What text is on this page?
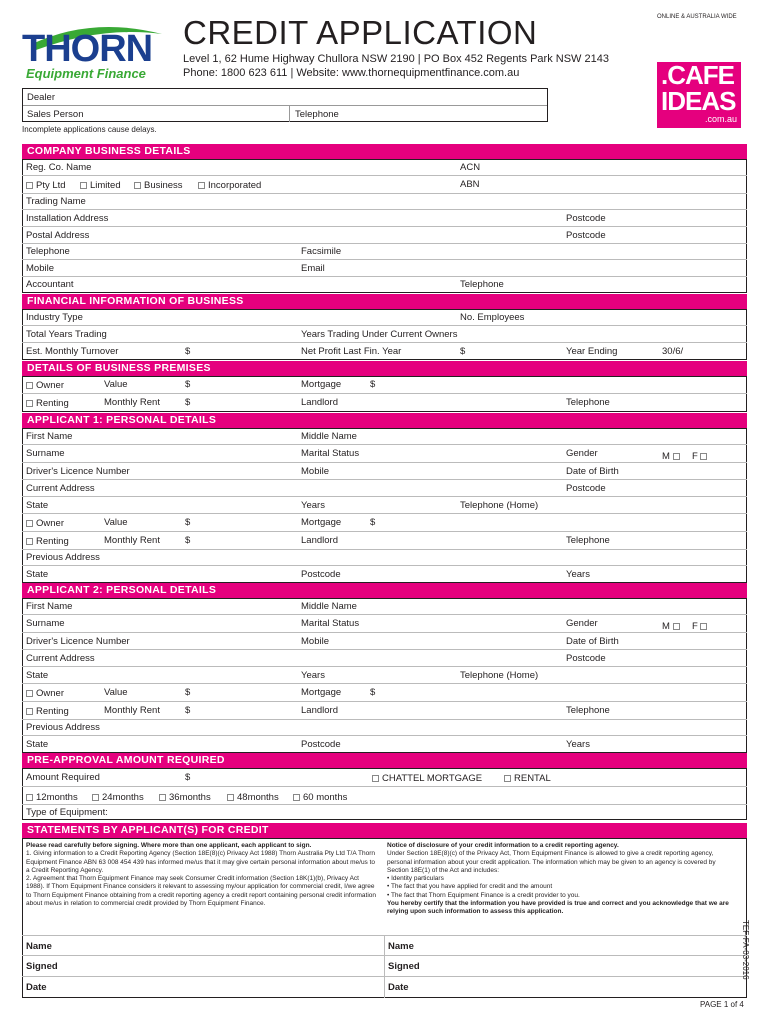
THORN
Equipment Finance
CREDIT APPLICATION
Level 1, 62 Hume Highway Chullora NSW 2190 | PO Box 452 Regents Park NSW 2143
Phone: 1800 623 611 | Website: www.thornequipmentfinance.com.au
ONLINE & AUSTRALIA WIDE
.CAFE
IDEAS
.com.au
Dealer
Sales Person	Telephone
Incomplete applications cause delays.
COMPANY BUSINESS DETAILS
Reg. Co. Name	ACN
Pty Ltd	Limited	Business	Incorporated	ABN
Trading Name
Installation Address	Postcode
Postal Address	Postcode
Telephone	Facsimile
Mobile	Email
Accountant	Telephone
FINANCIAL INFORMATION OF BUSINESS
Industry Type	No. Employees
Total Years Trading	Years Trading Under Current Owners
Est. Monthly Turnover	$	Net Profit Last Fin. Year	$	Year Ending	30/6/
DETAILS OF BUSINESS PREMISES
Owner	Value	$	Mortgage	$
Renting	Monthly Rent	$	Landlord	Telephone
APPLICANT 1: PERSONAL DETAILS
First Name	Middle Name
Surname	Marital Status	Gender	M	F
Driver's Licence Number	Mobile	Date of Birth
Current Address	Postcode
State	Years	Telephone (Home)
Owner	Value	$	Mortgage	$
Renting	Monthly Rent	$	Landlord	Telephone
Previous Address
State	Postcode	Years
APPLICANT 2: PERSONAL DETAILS
First Name	Middle Name
Surname	Marital Status	Gender	M	F
Driver's Licence Number	Mobile	Date of Birth
Current Address	Postcode
State	Years	Telephone (Home)
Owner	Value	$	Mortgage	$
Renting	Monthly Rent	$	Landlord	Telephone
Previous Address
State	Postcode	Years
PRE-APPROVAL AMOUNT REQUIRED
Amount Required	$	CHATTEL MORTGAGE	RENTAL
12months	24months	36months	48months	60 months
Type of Equipment:
STATEMENTS BY APPLICANT(S) FOR CREDIT
Please read carefully before signing. Where more than one applicant, each applicant to sign.
1. Giving information to a Credit Reporting Agency (Section 18E(8)(c) Privacy Act 1988) Thorn Australia Pty Ltd T/A Thorn Equipment Finance ABN 63 008 454 439 has informed me/us that it may give certain personal information about me/us to a Credit Reporting Agency.
2. Agreement that Thorn Equipment Finance may seek Consumer Credit information (Section 18K(1)(b), Privacy Act 1988). If Thorn Equipment Finance considers it relevant to assessing my/our application for commercial credit, I/we agree to Thorn Equipment Finance obtaining from a credit reporting agency a credit report containing personal credit information about me/us in relation to commercial credit provided by Thorn Equipment Finance.
Notice of disclosure of your credit information to a credit reporting agency.
Under Section 18E(8)(c) of the Privacy Act, Thorn Equipment Finance is allowed to give a credit reporting agency, personal information about your credit application. The information which may be given to an agency is covered by Section 18E(1) of the Act and includes:
• Identity particulars
• The fact that you have applied for credit and the amount
• The fact that Thorn Equipment Finance is a credit provider to you.
You hereby certify that the information you have provided is true and correct and you acknowledge that we are relying upon such information to assess this application.
Name	Name
Signed	Signed
Date	Date
TEF-FA-03-2016
PAGE 1 of 4
